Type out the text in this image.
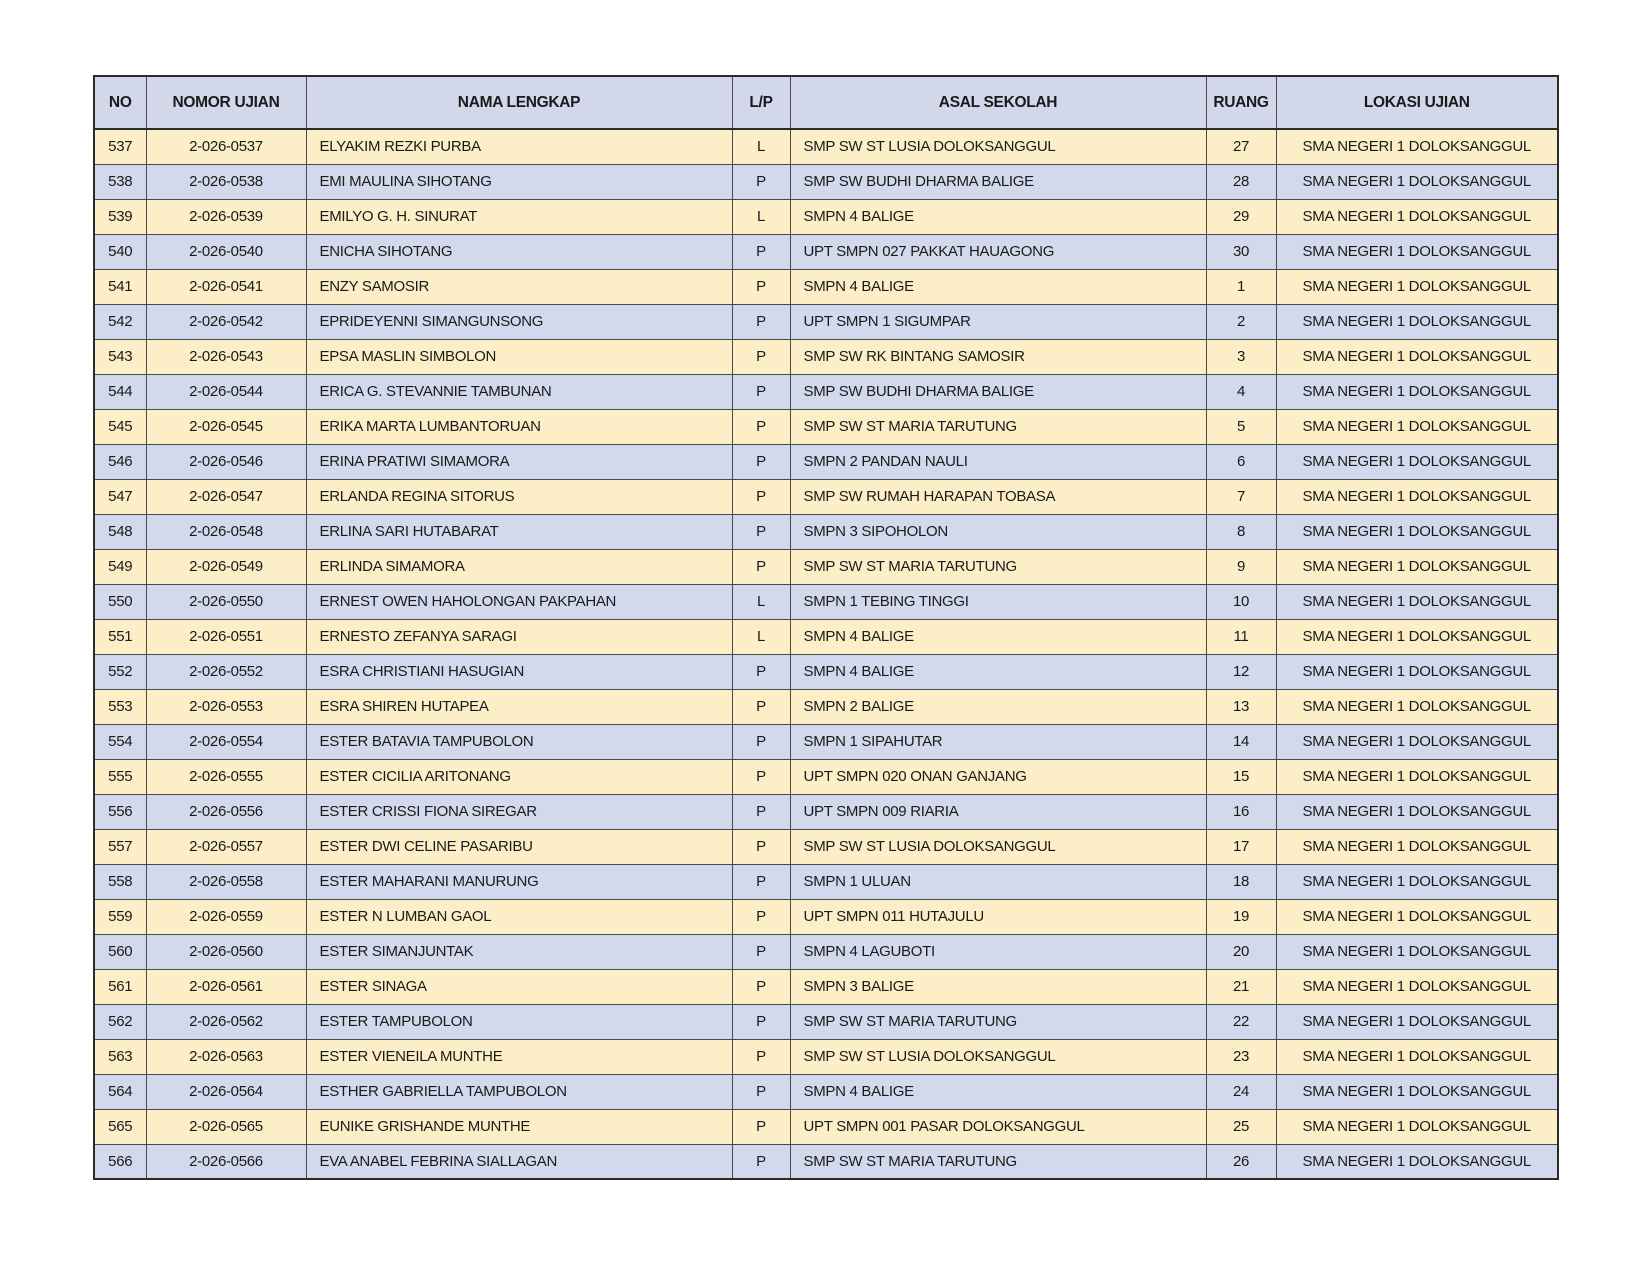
NO	NOMOR UJIAN	NAMA LENGKAP	L/P	ASAL SEKOLAH	RUANG	LOKASI UJIAN
537	2-026-0537	ELYAKIM REZKI PURBA	L	SMP SW ST LUSIA DOLOKSANGGUL	27	SMA NEGERI 1 DOLOKSANGGUL
538	2-026-0538	EMI MAULINA SIHOTANG	P	SMP SW BUDHI DHARMA BALIGE	28	SMA NEGERI 1 DOLOKSANGGUL
539	2-026-0539	EMILYO G. H. SINURAT	L	SMPN 4 BALIGE	29	SMA NEGERI 1 DOLOKSANGGUL
540	2-026-0540	ENICHA SIHOTANG	P	UPT SMPN 027 PAKKAT HAUAGONG	30	SMA NEGERI 1 DOLOKSANGGUL
541	2-026-0541	ENZY SAMOSIR	P	SMPN 4 BALIGE	1	SMA NEGERI 1 DOLOKSANGGUL
542	2-026-0542	EPRIDEYENNI SIMANGUNSONG	P	UPT SMPN 1 SIGUMPAR	2	SMA NEGERI 1 DOLOKSANGGUL
543	2-026-0543	EPSA MASLIN SIMBOLON	P	SMP SW RK BINTANG SAMOSIR	3	SMA NEGERI 1 DOLOKSANGGUL
544	2-026-0544	ERICA G. STEVANNIE TAMBUNAN	P	SMP SW BUDHI DHARMA BALIGE	4	SMA NEGERI 1 DOLOKSANGGUL
545	2-026-0545	ERIKA MARTA LUMBANTORUAN	P	SMP SW ST MARIA TARUTUNG	5	SMA NEGERI 1 DOLOKSANGGUL
546	2-026-0546	ERINA PRATIWI SIMAMORA	P	SMPN 2 PANDAN NAULI	6	SMA NEGERI 1 DOLOKSANGGUL
547	2-026-0547	ERLANDA REGINA SITORUS	P	SMP SW RUMAH HARAPAN TOBASA	7	SMA NEGERI 1 DOLOKSANGGUL
548	2-026-0548	ERLINA SARI HUTABARAT	P	SMPN 3 SIPOHOLON	8	SMA NEGERI 1 DOLOKSANGGUL
549	2-026-0549	ERLINDA SIMAMORA	P	SMP SW ST MARIA TARUTUNG	9	SMA NEGERI 1 DOLOKSANGGUL
550	2-026-0550	ERNEST OWEN HAHOLONGAN PAKPAHAN	L	SMPN 1 TEBING TINGGI	10	SMA NEGERI 1 DOLOKSANGGUL
551	2-026-0551	ERNESTO ZEFANYA SARAGI	L	SMPN 4 BALIGE	11	SMA NEGERI 1 DOLOKSANGGUL
552	2-026-0552	ESRA CHRISTIANI HASUGIAN	P	SMPN 4 BALIGE	12	SMA NEGERI 1 DOLOKSANGGUL
553	2-026-0553	ESRA SHIREN HUTAPEA	P	SMPN 2 BALIGE	13	SMA NEGERI 1 DOLOKSANGGUL
554	2-026-0554	ESTER BATAVIA TAMPUBOLON	P	SMPN 1 SIPAHUTAR	14	SMA NEGERI 1 DOLOKSANGGUL
555	2-026-0555	ESTER CICILIA ARITONANG	P	UPT SMPN 020 ONAN GANJANG	15	SMA NEGERI 1 DOLOKSANGGUL
556	2-026-0556	ESTER CRISSI FIONA SIREGAR	P	UPT SMPN 009 RIARIA	16	SMA NEGERI 1 DOLOKSANGGUL
557	2-026-0557	ESTER DWI CELINE PASARIBU	P	SMP SW ST LUSIA DOLOKSANGGUL	17	SMA NEGERI 1 DOLOKSANGGUL
558	2-026-0558	ESTER MAHARANI MANURUNG	P	SMPN 1 ULUAN	18	SMA NEGERI 1 DOLOKSANGGUL
559	2-026-0559	ESTER N LUMBAN GAOL	P	UPT SMPN 011 HUTAJULU	19	SMA NEGERI 1 DOLOKSANGGUL
560	2-026-0560	ESTER SIMANJUNTAK	P	SMPN 4 LAGUBOTI	20	SMA NEGERI 1 DOLOKSANGGUL
561	2-026-0561	ESTER SINAGA	P	SMPN 3 BALIGE	21	SMA NEGERI 1 DOLOKSANGGUL
562	2-026-0562	ESTER TAMPUBOLON	P	SMP SW ST MARIA TARUTUNG	22	SMA NEGERI 1 DOLOKSANGGUL
563	2-026-0563	ESTER VIENEILA MUNTHE	P	SMP SW ST LUSIA DOLOKSANGGUL	23	SMA NEGERI 1 DOLOKSANGGUL
564	2-026-0564	ESTHER GABRIELLA TAMPUBOLON	P	SMPN 4 BALIGE	24	SMA NEGERI 1 DOLOKSANGGUL
565	2-026-0565	EUNIKE GRISHANDE MUNTHE	P	UPT SMPN 001 PASAR DOLOKSANGGUL	25	SMA NEGERI 1 DOLOKSANGGUL
566	2-026-0566	EVA ANABEL FEBRINA SIALLAGAN	P	SMP SW ST MARIA TARUTUNG	26	SMA NEGERI 1 DOLOKSANGGUL
